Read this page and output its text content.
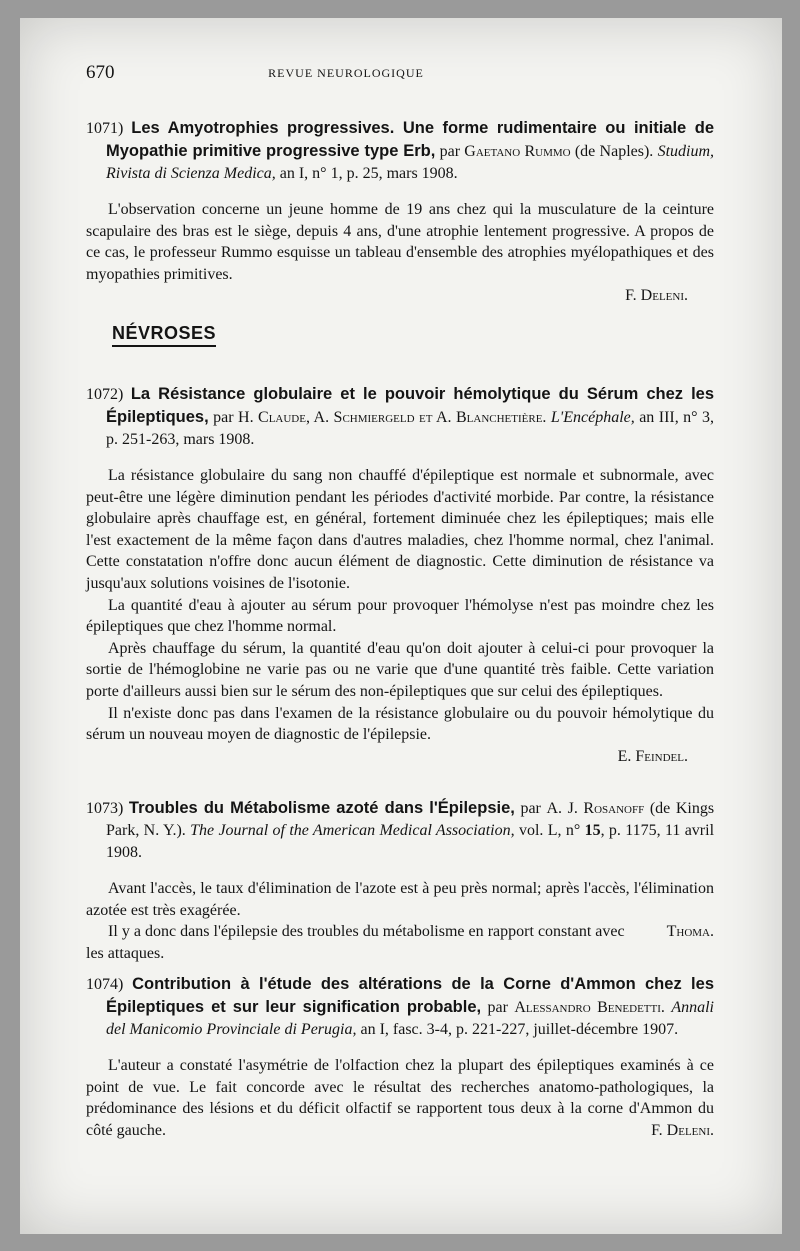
670	REVUE NEUROLOGIQUE
1071) Les Amyotrophies progressives. Une forme rudimentaire ou initiale de Myopathie primitive progressive type Erb, par Gaetano Rummo (de Naples). Studium, Rivista di Scienza Medica, an I, n° 1, p. 25, mars 1908.

L'observation concerne un jeune homme de 19 ans chez qui la musculature de la ceinture scapulaire des bras est le siège, depuis 4 ans, d'une atrophie lentement progressive. A propos de ce cas, le professeur Rummo esquisse un tableau d'ensemble des atrophies myélopathiques et des myopathies primitives.

F. Deleni.
NÉVROSES
1072) La Résistance globulaire et le pouvoir hémolytique du Sérum chez les Épileptiques, par H. Claude, A. Schmiergeld et A. Blanchetière. L'Encéphale, an III, n° 3, p. 251-263, mars 1908.

La résistance globulaire du sang non chauffé d'épileptique est normale et subnormale, avec peut-être une légère diminution pendant les périodes d'activité morbide. Par contre, la résistance globulaire après chauffage est, en général, fortement diminuée chez les épileptiques; mais elle l'est exactement de la même façon dans d'autres maladies, chez l'homme normal, chez l'animal. Cette constatation n'offre donc aucun élément de diagnostic. Cette diminution de résistance va jusqu'aux solutions voisines de l'isotonie.

La quantité d'eau à ajouter au sérum pour provoquer l'hémolyse n'est pas moindre chez les épileptiques que chez l'homme normal.

Après chauffage du sérum, la quantité d'eau qu'on doit ajouter à celui-ci pour provoquer la sortie de l'hémoglobine ne varie pas ou ne varie que d'une quantité très faible. Cette variation porte d'ailleurs aussi bien sur le sérum des non-épileptiques que sur celui des épileptiques.

Il n'existe donc pas dans l'examen de la résistance globulaire ou du pouvoir hémolytique du sérum un nouveau moyen de diagnostic de l'épilepsie.

E. Feindel.
1073) Troubles du Métabolisme azoté dans l'Épilepsie, par A. J. Rosanoff (de Kings Park, N. Y.). The Journal of the American Medical Association, vol. L, n° 15, p. 1175, 11 avril 1908.

Avant l'accès, le taux d'élimination de l'azote est à peu près normal; après l'accès, l'élimination azotée est très exagérée.

Thoma.
Il y a donc dans l'épilepsie des troubles du métabolisme en rapport constant avec les attaques.

1074) Contribution à l'étude des altérations de la Corne d'Ammon chez les Épileptiques et sur leur signification probable, par Alessandro Benedetti. Annali del Manicomio Provinciale di Perugia, an I, fasc. 3-4, p. 221-227, juillet-décembre 1907.

L'auteur a constaté l'asymétrie de l'olfaction chez la plupart des épileptiques examinés à ce point de vue. Le fait concorde avec le résultat des recherches anatomo-pathologiques, la prédominance des lésions et du déficit olfactif se rapportent tous deux à la corne d'Ammon du côté gauche.	F. Deleni.
